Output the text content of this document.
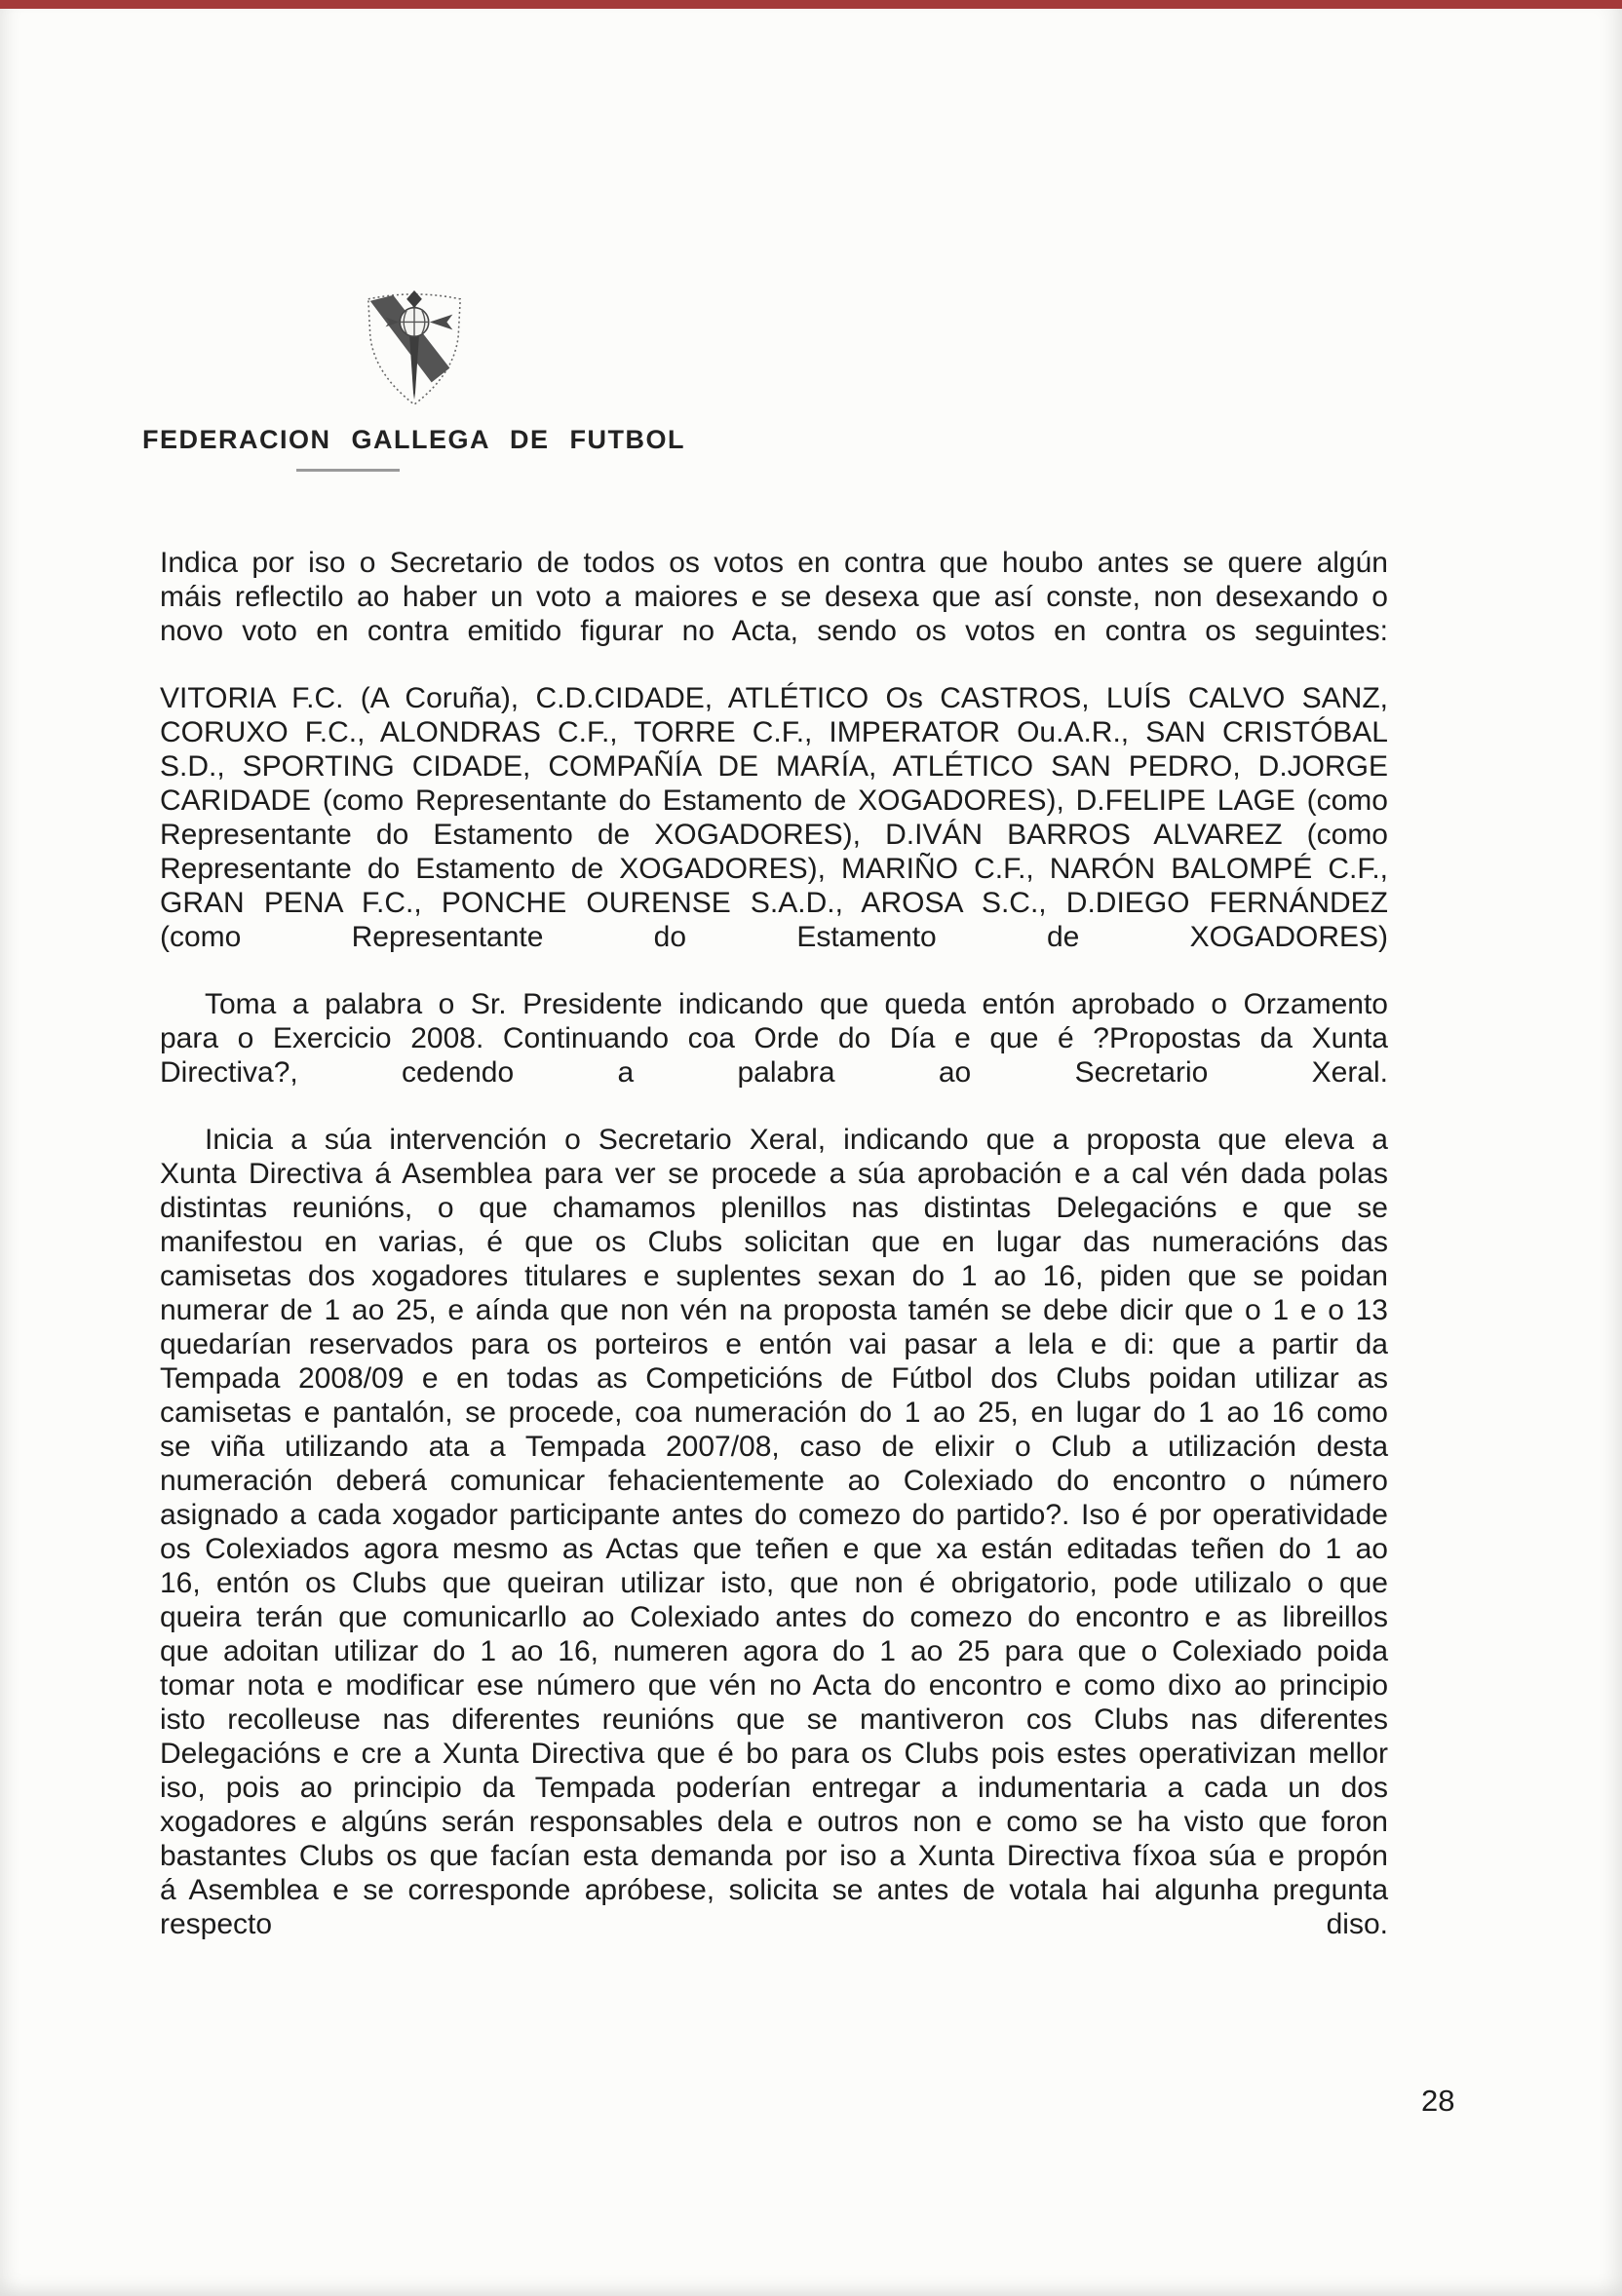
FEDERACION GALLEGA DE FUTBOL

Indica por iso o Secretario de todos os votos en contra que houbo antes se quere algún máis reflectilo ao haber un voto a maiores e se desexa que así conste, non desexando o novo voto en contra emitido figurar no Acta, sendo os votos en contra os seguintes:

VITORIA F.C. (A Coruña), C.D.CIDADE, ATLÉTICO Os CASTROS, LUÍS CALVO SANZ, CORUXO F.C., ALONDRAS C.F., TORRE C.F., IMPERATOR Ou.A.R., SAN CRISTÓBAL S.D., SPORTING CIDADE, COMPAÑÍA DE MARÍA, ATLÉTICO SAN PEDRO, D.JORGE CARIDADE (como Representante do Estamento de XOGADORES), D.FELIPE LAGE (como Representante do Estamento de XOGADORES), D.IVÁN BARROS ALVAREZ (como Representante do Estamento de XOGADORES), MARIÑO C.F., NARÓN BALOMPÉ C.F., GRAN PENA F.C., PONCHE OURENSE S.A.D., AROSA S.C., D.DIEGO FERNÁNDEZ (como Representante do Estamento de XOGADORES)

Toma a palabra o Sr. Presidente indicando que queda entón aprobado o Orzamento para o Exercicio 2008. Continuando coa Orde do Día e que é ?Propostas da Xunta Directiva?, cedendo a palabra ao Secretario Xeral.

Inicia a súa intervención o Secretario Xeral, indicando que a proposta que eleva a Xunta Directiva á Asemblea para ver se procede a súa aprobación e a cal vén dada polas distintas reunións, o que chamamos plenillos nas distintas Delegacións e que se manifestou en varias, é que os Clubs solicitan que en lugar das numeracións das camisetas dos xogadores titulares e suplentes sexan do 1 ao 16, piden que se poidan numerar de 1 ao 25, e aínda que non vén na proposta tamén se debe dicir que o 1 e o 13 quedarían reservados para os porteiros e entón vai pasar a lela e di: que a partir da Tempada 2008/09 e en todas as Competicións de Fútbol dos Clubs poidan utilizar as camisetas e pantalón, se procede, coa numeración do 1 ao 25, en lugar do 1 ao 16 como se viña utilizando ata a Tempada 2007/08, caso de elixir o Club a utilización desta numeración deberá comunicar fehacientemente ao Colexiado do encontro o número asignado a cada xogador participante antes do comezo do partido?. Iso é por operatividade os Colexiados agora mesmo as Actas que teñen e que xa están editadas teñen do 1 ao 16, entón os Clubs que queiran utilizar isto, que non é obrigatorio, pode utilizalo o que queira terán que comunicarllo ao Colexiado antes do comezo do encontro e as libreillos que adoitan utilizar do 1 ao 16, numeren agora do 1 ao 25 para que o Colexiado poida tomar nota e modificar ese número que vén no Acta do encontro e como dixo ao principio isto recolleuse nas diferentes reunións que se mantiveron cos Clubs nas diferentes Delegacións e cre a Xunta Directiva que é bo para os Clubs pois estes operativizan mellor iso, pois ao principio da Tempada poderían entregar a indumentaria a cada un dos xogadores e algúns serán responsables dela e outros non e como se ha visto que foron bastantes Clubs os que facían esta demanda por iso a Xunta Directiva fíxoa súa e propón á Asemblea e se corresponde apróbese, solicita se antes de votala hai algunha pregunta respecto diso.

28
